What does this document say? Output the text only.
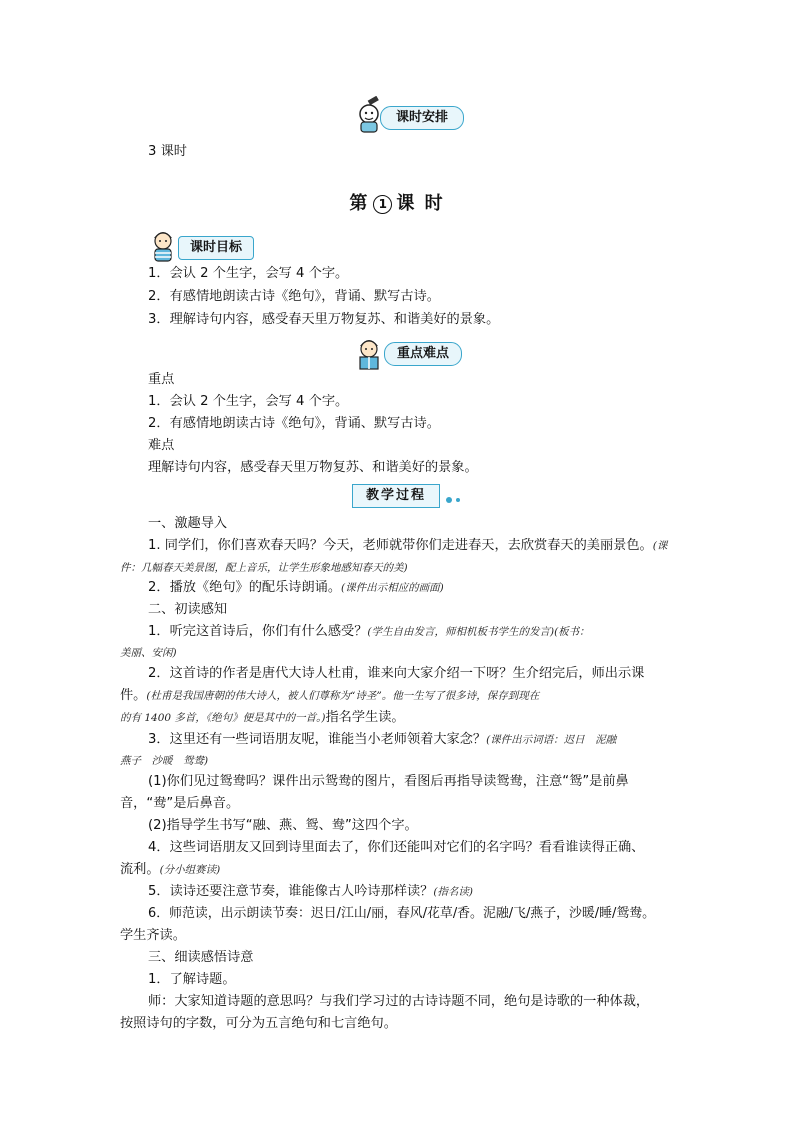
课时安排
3 课时
第 1 课 时
课时目标
1．会认 2 个生字，会写 4 个字。
2．有感情地朗读古诗《绝句》，背诵、默写古诗。
3．理解诗句内容，感受春天里万物复苏、和谐美好的景象。
重点难点
重点
1．会认 2 个生字，会写 4 个字。
2．有感情地朗读古诗《绝句》，背诵、默写古诗。
难点
理解诗句内容，感受春天里万物复苏、和谐美好的景象。
教学过程
一、激趣导入
1. 同学们，你们喜欢春天吗？今天，老师就带你们走进春天，去欣赏春天的美丽景色。(课
件：几幅春天美景图，配上音乐，让学生形象地感知春天的美)
2．播放《绝句》的配乐诗朗诵。(课件出示相应的画面)
二、初读感知
1．听完这首诗后，你们有什么感受？(学生自由发言，师相机板书学生的发言)(板书：
美丽、安闲)
2．这首诗的作者是唐代大诗人杜甫，谁来向大家介绍一下呀？生介绍完后，师出示课
件。(杜甫是我国唐朝的伟大诗人，被人们尊称为“诗圣”。他一生写了很多诗，保存到现在
的有 1400 多首，《绝句》便是其中的一首。)指名学生读。
3．这里还有一些词语朋友呢，谁能当小老师领着大家念？(课件出示词语：迟日　泥融
燕子　沙暖　鸳鸯)
(1)你们见过鸳鸯吗？课件出示鸳鸯的图片，看图后再指导读鸳鸯，注意“鸳”是前鼻
音，“鸯”是后鼻音。
(2)指导学生书写“融、燕、鸳、鸯”这四个字。
4．这些词语朋友又回到诗里面去了，你们还能叫对它们的名字吗？看看谁读得正确、
流利。(分小组赛读)
5．读诗还要注意节奏，谁能像古人吟诗那样读？(指名读)
6．师范读，出示朗读节奏：迟日/江山/丽，春风/花草/香。泥融/飞/燕子，沙暖/睡/鸳鸯。
学生齐读。
三、细读感悟诗意
1．了解诗题。
师：大家知道诗题的意思吗？与我们学习过的古诗诗题不同，绝句是诗歌的一种体裁，
按照诗句的字数，可分为五言绝句和七言绝句。
